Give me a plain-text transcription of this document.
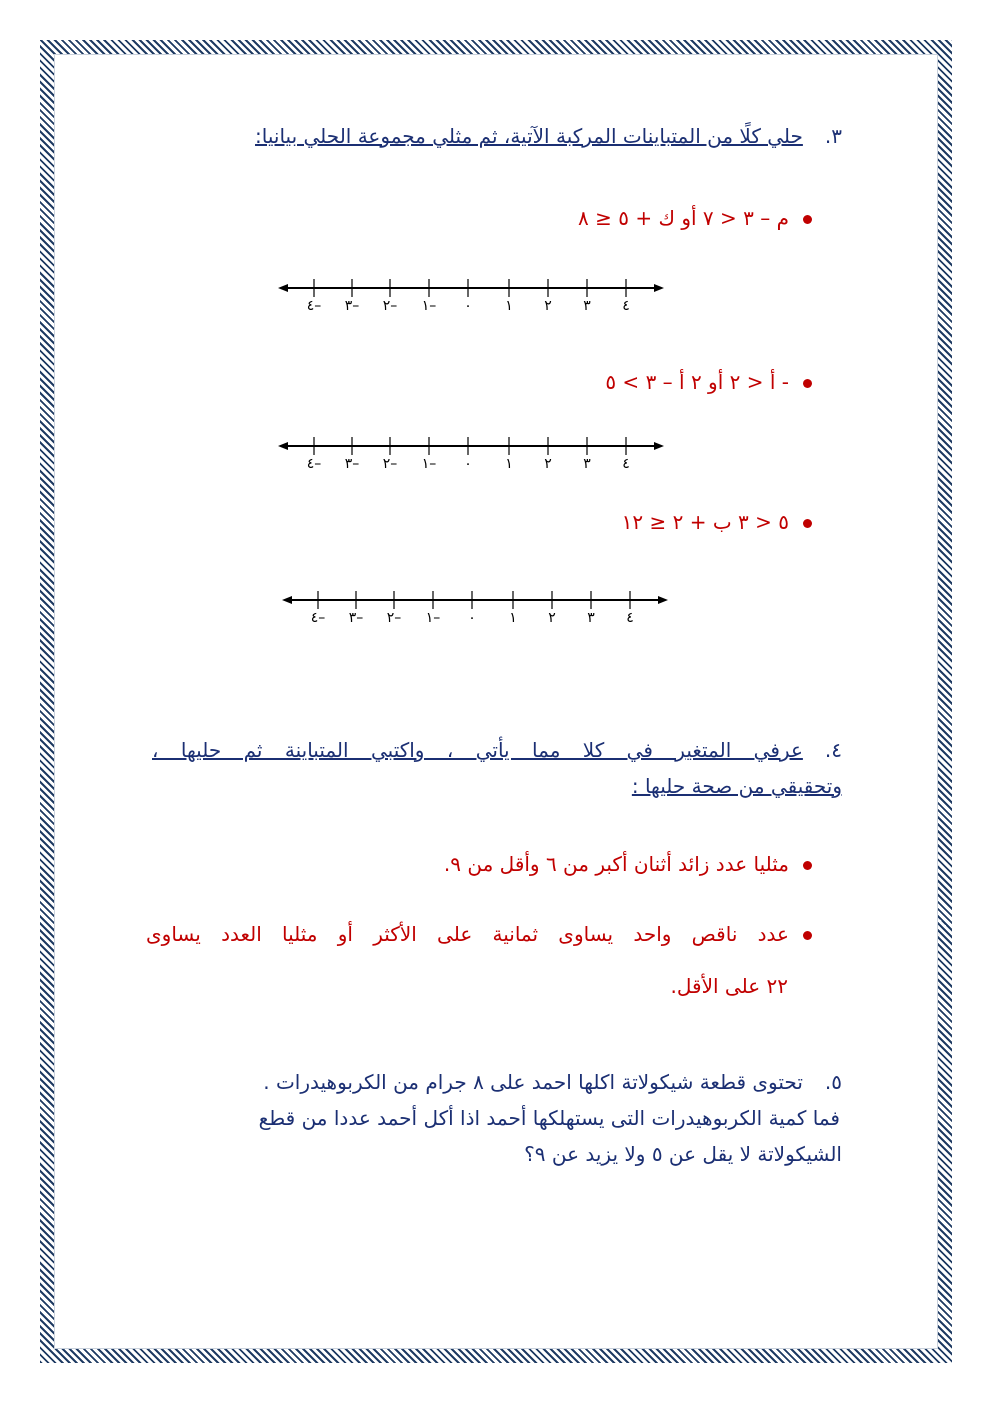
٣.حلي كلًا من المتباينات المركبة الآتية، ثم مثلي مجموعة الحلي بيانيا:
م – ٣ < ٧ أو ك + ٥ ≤ ٨
٤– ٣– ٢– ١– ٠ ١ ٢ ٣ ٤
- أ < ٢ أو ٢ أ – ٣ > ٥
٤– ٣– ٢– ١– ٠ ١ ٢ ٣ ٤
٥ < ٣ ب + ٢ ≤ ١٢
٤– ٣– ٢– ١– ٠ ١ ٢ ٣ ٤
٤.عرفي المتغير في كلا مما يأتي ، واكتبي المتباينة ثم حليها ،
وتحقيقي من صحة حليها :
مثليا عدد زائد أثنان أكبر من ٦ وأقل من ٩.
عدد ناقص واحد يساوى ثمانية على الأكثر أو مثليا العدد يساوى
٢٢ على الأقل.
٥.تحتوى قطعة شيكولاتة اكلها احمد على ٨ جرام من الكربوهيدرات .
فما كمية الكربوهيدرات التى يستهلكها أحمد اذا أكل أحمد عددا من قطع
الشيكولاتة لا يقل عن ٥ ولا يزيد عن ٩؟
